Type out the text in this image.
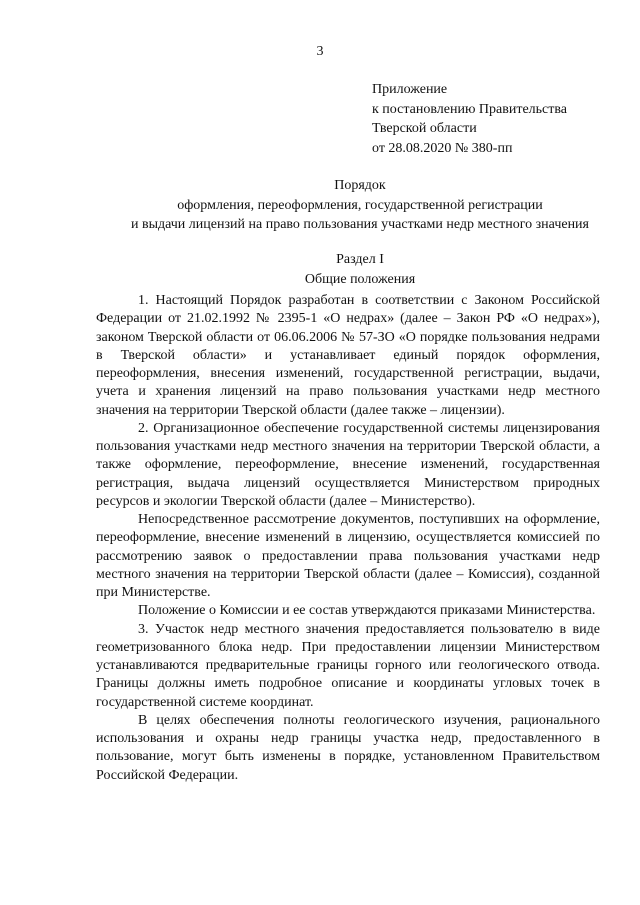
3
Приложение
к постановлению Правительства
Тверской области
от 28.08.2020 № 380-пп
Порядок
оформления, переоформления, государственной регистрации
и выдачи лицензий на право пользования участками недр местного значения
Раздел I
Общие положения

1. Настоящий Порядок разработан в соответствии с Законом Российской Федерации от 21.02.1992 № 2395-1 «О недрах» (далее – Закон РФ «О недрах»), законом Тверской области от 06.06.2006 № 57-ЗО «О порядке пользования недрами в Тверской области» и устанавливает единый порядок оформления, переоформления, внесения изменений, государственной регистрации, выдачи, учета и хранения лицензий на право пользования участками недр местного значения на территории Тверской области (далее также – лицензии).

2. Организационное обеспечение государственной системы лицензирования пользования участками недр местного значения на территории Тверской области, а также оформление, переоформление, внесение изменений, государственная регистрация, выдача лицензий осуществляется Министерством природных ресурсов и экологии Тверской области (далее – Министерство).

Непосредственное рассмотрение документов, поступивших на оформление, переоформление, внесение изменений в лицензию, осуществляется комиссией по рассмотрению заявок о предоставлении права пользования участками недр местного значения на территории Тверской области (далее – Комиссия), созданной при Министерстве.

Положение о Комиссии и ее состав утверждаются приказами Министерства.

3. Участок недр местного значения предоставляется пользователю в виде геометризованного блока недр. При предоставлении лицензии Министерством устанавливаются предварительные границы горного или геологического отвода. Границы должны иметь подробное описание и координаты угловых точек в государственной системе координат.

В целях обеспечения полноты геологического изучения, рационального использования и охраны недр границы участка недр, предоставленного в пользование, могут быть изменены в порядке, установленном Правительством Российской Федерации.
